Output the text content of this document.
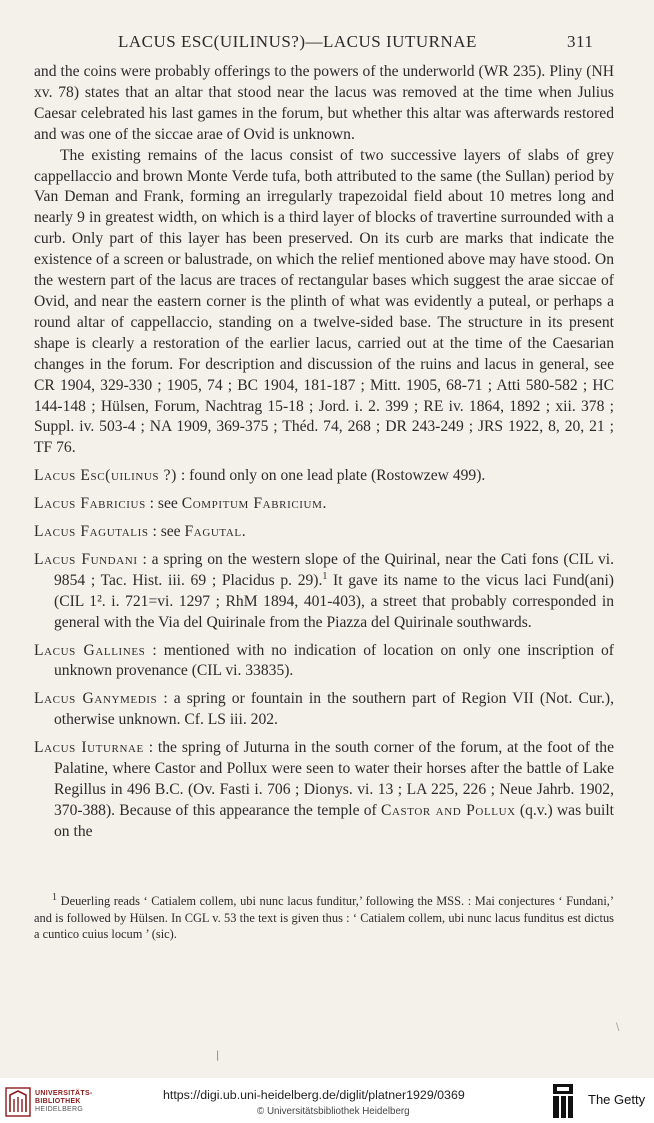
LACUS ESC(UILINUS?)—LACUS IUTURNAE	311

and the coins were probably offerings to the powers of the underworld (WR 235). Pliny (NH xv. 78) states that an altar that stood near the lacus was removed at the time when Julius Caesar celebrated his last games in the forum, but whether this altar was afterwards restored and was one of the siccae arae of Ovid is unknown.

The existing remains of the lacus consist of two successive layers of slabs of grey cappellaccio and brown Monte Verde tufa, both attributed to the same (the Sullan) period by Van Deman and Frank, forming an irregularly trapezoidal field about 10 metres long and nearly 9 in greatest width, on which is a third layer of blocks of travertine surrounded with a curb. Only part of this layer has been preserved. On its curb are marks that indicate the existence of a screen or balustrade, on which the relief mentioned above may have stood. On the western part of the lacus are traces of rectangular bases which suggest the arae siccae of Ovid, and near the eastern corner is the plinth of what was evidently a puteal, or perhaps a round altar of cappellaccio, standing on a twelve-sided base. The structure in its present shape is clearly a restoration of the earlier lacus, carried out at the time of the Caesarian changes in the forum. For description and discussion of the ruins and lacus in general, see CR 1904, 329-330 ; 1905, 74 ; BC 1904, 181-187 ; Mitt. 1905, 68-71 ; Atti 580-582 ; HC 144-148 ; Hülsen, Forum, Nachtrag 15-18 ; Jord. i. 2. 399 ; RE iv. 1864, 1892 ; xii. 378 ; Suppl. iv. 503-4 ; NA 1909, 369-375 ; Théd. 74, 268 ; DR 243-249 ; JRS 1922, 8, 20, 21 ; TF 76.

Lacus Esc(uilinus ?) : found only on one lead plate (Rostowzew 499).

Lacus Fabricius : see Compitum Fabricium.

Lacus Fagutalis : see Fagutal.

Lacus Fundani : a spring on the western slope of the Quirinal, near the Cati fons (CIL vi. 9854 ; Tac. Hist. iii. 69 ; Placidus p. 29).$^1$ It gave its name to the vicus laci Fund(ani) (CIL 1². i. 721=vi. 1297 ; RhM 1894, 401-403), a street that probably corresponded in general with the Via del Quirinale from the Piazza del Quirinale southwards.

Lacus Gallines : mentioned with no indication of location on only one inscription of unknown provenance (CIL vi. 33835).

Lacus Ganymedis : a spring or fountain in the southern part of Region VII (Not. Cur.), otherwise unknown. Cf. LS iii. 202.

Lacus Iuturnae : the spring of Juturna in the south corner of the forum, at the foot of the Palatine, where Castor and Pollux were seen to water their horses after the battle of Lake Regillus in 496 B.C. (Ov. Fasti i. 706 ; Dionys. vi. 13 ; LA 225, 226 ; Neue Jahrb. 1902, 370-388). Because of this appearance the temple of Castor and Pollux (q.v.) was built on the

$^1$ Deuerling reads ‘ Catialem collem, ubi nunc lacus funditur,’ following the MSS. : Mai conjectures ‘ Fundani,’ and is followed by Hülsen. In CGL v. 53 the text is given thus : ‘ Catialem collem, ubi nunc lacus funditus est dictus a cuntico cuius locum ’ (sic).

\
|
UNIVERSITÄTS-
BIBLIOTHEK
HEIDELBERG
https://digi.ub.uni-heidelberg.de/diglit/platner1929/0369
© Universitätsbibliothek Heidelberg
The Getty
